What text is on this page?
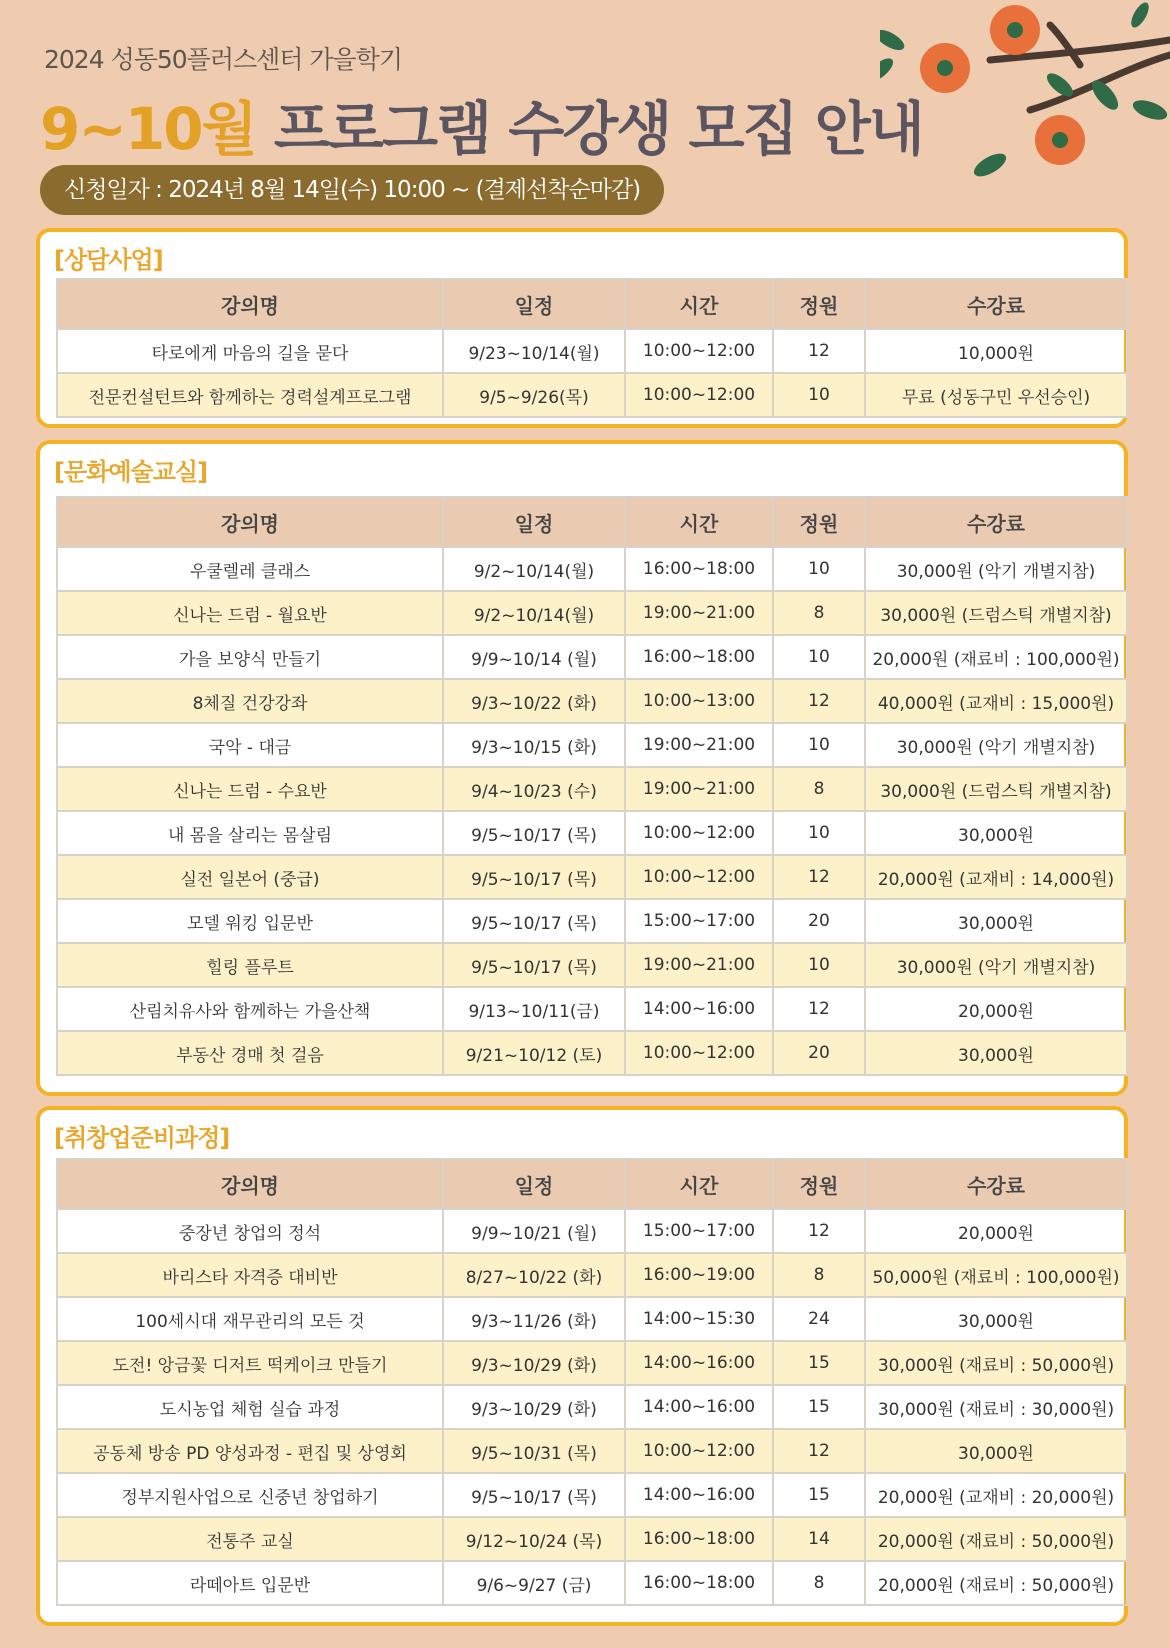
2024 성동50플러스센터 가을학기
9~10월 프로그램 수강생 모집 안내
신청일자 : 2024년 8월 14일(수) 10:00 ~ (결제선착순마감)
[상담사업]
강의명	일정	시간	정원	수강료
타로에게 마음의 길을 묻다	9/23~10/14(월)	10:00~12:00	12	10,000원
전문컨설턴트와 함께하는 경력설계프로그램	9/5~9/26(목)	10:00~12:00	10	무료 (성동구민 우선승인)
[문화예술교실]
강의명	일정	시간	정원	수강료
우쿨렐레 클래스	9/2~10/14(월)	16:00~18:00	10	30,000원 (악기 개별지참)
신나는 드럼 - 월요반	9/2~10/14(월)	19:00~21:00	8	30,000원 (드럼스틱 개별지참)
가을 보양식 만들기	9/9~10/14 (월)	16:00~18:00	10	20,000원 (재료비 : 100,000원)
8체질 건강강좌	9/3~10/22 (화)	10:00~13:00	12	40,000원 (교재비 : 15,000원)
국악 - 대금	9/3~10/15 (화)	19:00~21:00	10	30,000원 (악기 개별지참)
신나는 드럼 - 수요반	9/4~10/23 (수)	19:00~21:00	8	30,000원 (드럼스틱 개별지참)
내 몸을 살리는 몸살림	9/5~10/17 (목)	10:00~12:00	10	30,000원
실전 일본어 (중급)	9/5~10/17 (목)	10:00~12:00	12	20,000원 (교재비 : 14,000원)
모델 워킹 입문반	9/5~10/17 (목)	15:00~17:00	20	30,000원
힐링 플루트	9/5~10/17 (목)	19:00~21:00	10	30,000원 (악기 개별지참)
산림치유사와 함께하는 가을산책	9/13~10/11(금)	14:00~16:00	12	20,000원
부동산 경매 첫 걸음	9/21~10/12 (토)	10:00~12:00	20	30,000원
[취창업준비과정]
강의명	일정	시간	정원	수강료
중장년 창업의 정석	9/9~10/21 (월)	15:00~17:00	12	20,000원
바리스타 자격증 대비반	8/27~10/22 (화)	16:00~19:00	8	50,000원 (재료비 : 100,000원)
100세시대 재무관리의 모든 것	9/3~11/26 (화)	14:00~15:30	24	30,000원
도전! 앙금꽃 디저트 떡케이크 만들기	9/3~10/29 (화)	14:00~16:00	15	30,000원 (재료비 : 50,000원)
도시농업 체험 실습 과정	9/3~10/29 (화)	14:00~16:00	15	30,000원 (재료비 : 30,000원)
공동체 방송 PD 양성과정 - 편집 및 상영회	9/5~10/31 (목)	10:00~12:00	12	30,000원
정부지원사업으로 신중년 창업하기	9/5~10/17 (목)	14:00~16:00	15	20,000원 (교재비 : 20,000원)
전통주 교실	9/12~10/24 (목)	16:00~18:00	14	20,000원 (재료비 : 50,000원)
라떼아트 입문반	9/6~9/27 (금)	16:00~18:00	8	20,000원 (재료비 : 50,000원)
